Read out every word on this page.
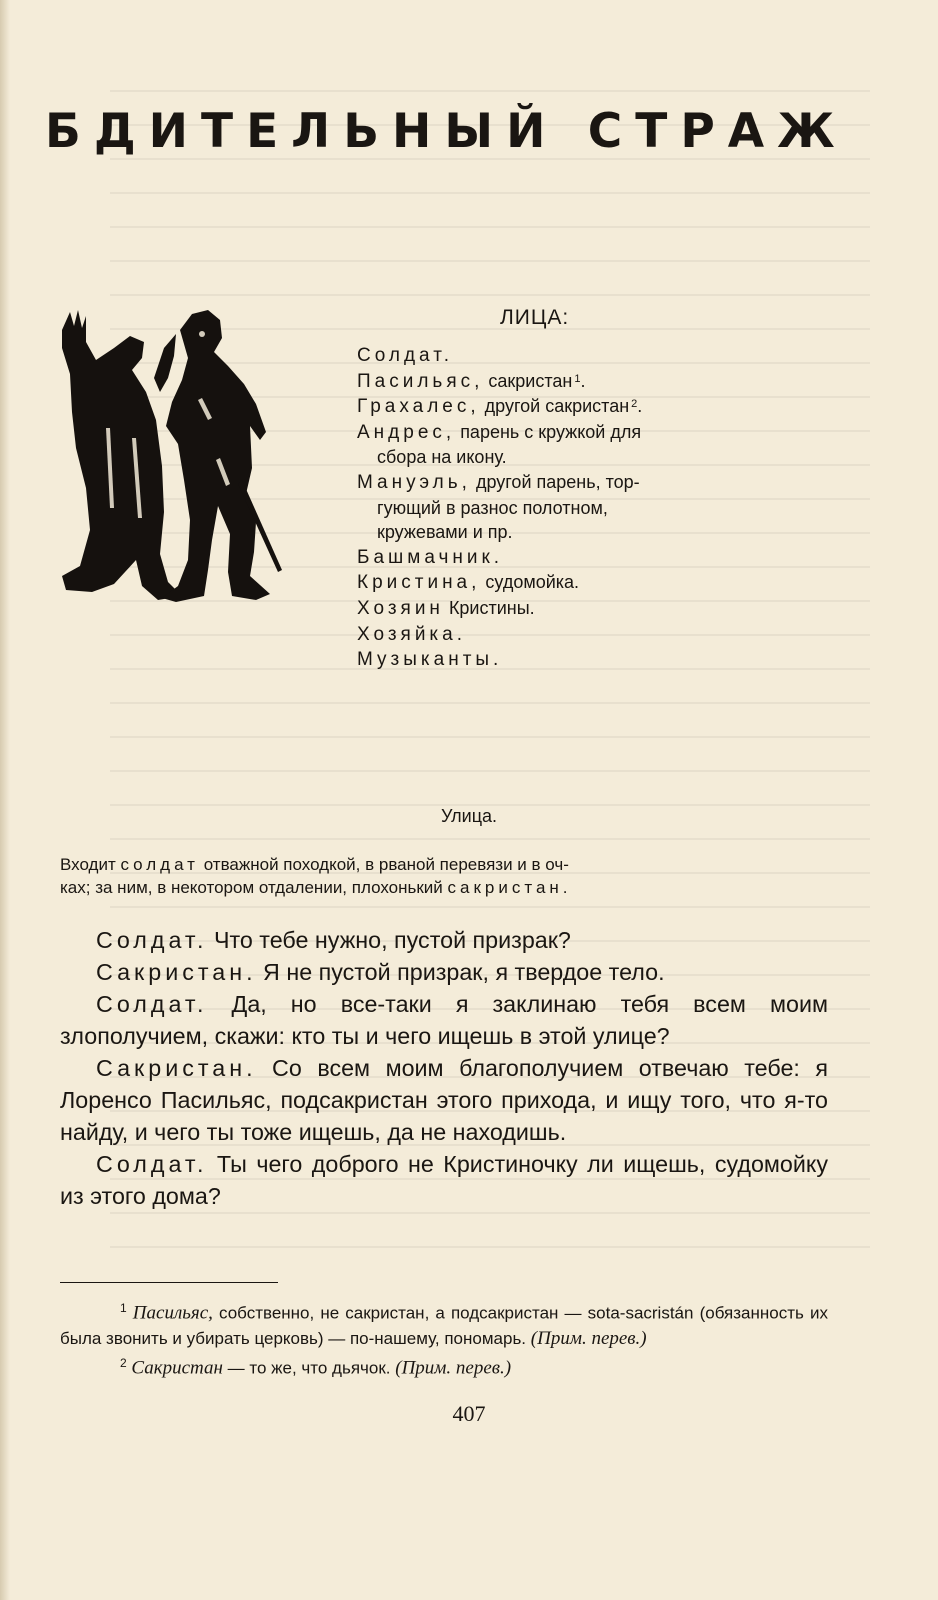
БДИТЕЛЬНЫЙ СТРАЖ
ЛИЦА:
Солдат.
Пасильяс, сакристан $^1$.
Грахалес, другой сакристан $^2$.
Андрес, парень с кружкой для
сбора на икону.
Мануэль, другой парень, тор-
гующий в разнос полотном,
кружевами и пр.
Башмачник.
Кристина, судомойка.
Хозяин Кристины.
Хозяйка.
Музыканты.
Улица.

Входит солдат отважной походкой, в рваной перевязи и в оч-

ках; за ним, в некотором отдалении, плохонький сакристан.

Солдат. Что тебе нужно, пустой призрак?

Сакристан. Я не пустой призрак, я твердое тело.

Солдат. Да, но все-таки я заклинаю тебя всем моим злополучием, скажи: кто ты и чего ищешь в этой улице?

Сакристан. Со всем моим благополучием отвечаю тебе: я Лоренсо Пасильяс, подсакристан этого прихода, и ищу того, что я-то найду, и чего ты тоже ищешь, да не находишь.

Солдат. Ты чего доброго не Кристиночку ли ищешь, судомойку из этого дома?

$^1$ Пасильяс, собственно, не сакристан, а подсакристан — sota-sacristán (обязанность их была звонить и убирать церковь) — по-нашему, пономарь. (Прим. перев.)

$^2$ Сакристан — то же, что дьячок. (Прим. перев.)

407
